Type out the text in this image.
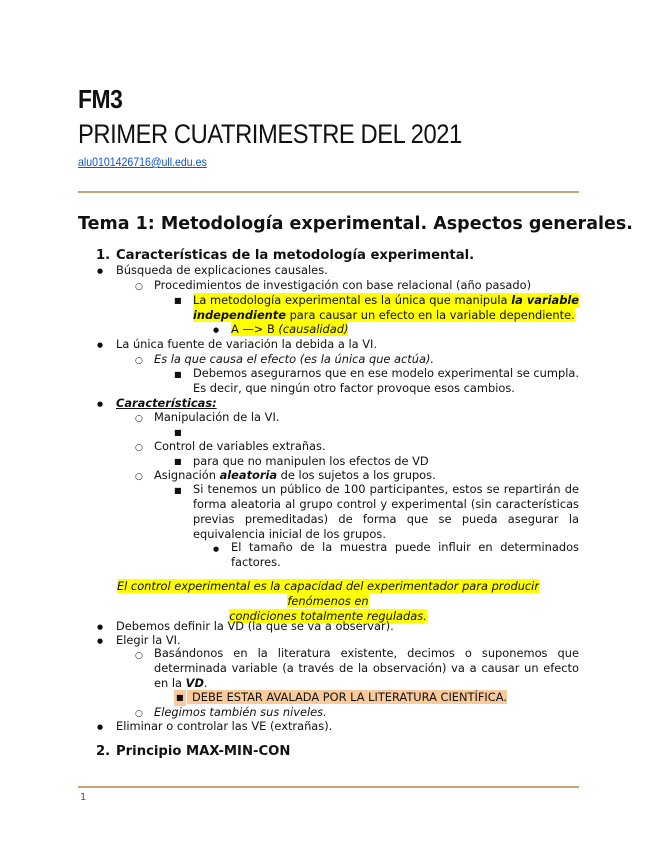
FM3
PRIMER CUATRIMESTRE DEL 2021
alu0101426716@ull.edu.es
Tema 1: Metodología experimental. Aspectos generales.
1. Características de la metodología experimental.
●
Búsqueda de explicaciones causales.
○
Procedimientos de investigación con base relacional (año pasado)
■
La metodología experimental es la única que manipula la variable independiente para causar un efecto en la variable dependiente.
●
A —> B (causalidad)
●
La única fuente de variación la debida a la VI.
○
Es la que causa el efecto (es la única que actúa).
■
Debemos asegurarnos que en ese modelo experimental se cumpla. Es decir, que ningún otro factor provoque esos cambios.
●
Características:
○
Manipulación de la VI.
■
○
Control de variables extrañas.
■
para que no manipulen los efectos de VD
○
Asignación aleatoria de los sujetos a los grupos.
■
Si tenemos un público de 100 participantes, estos se repartirán de forma aleatoria al grupo control y experimental (sin características previas premeditadas) de forma que se pueda asegurar la equivalencia inicial de los grupos.
●
El tamaño de la muestra puede influir en determinados factores.
El control experimental es la capacidad del experimentador para producir fenómenos en
condiciones totalmente reguladas.
●
Debemos definir la VD (la que se va a observar).
●
Elegir la VI.
○
Basándonos en la literatura existente, decimos o suponemos que determinada variable (a través de la observación) va a causar un efecto en la VD.
■
DEBE ESTAR AVALADA POR LA LITERATURA CIENTÍFICA.
○
Elegimos también sus niveles.
●
Eliminar o controlar las VE (extrañas).
2. Principio MAX-MIN-CON
1
